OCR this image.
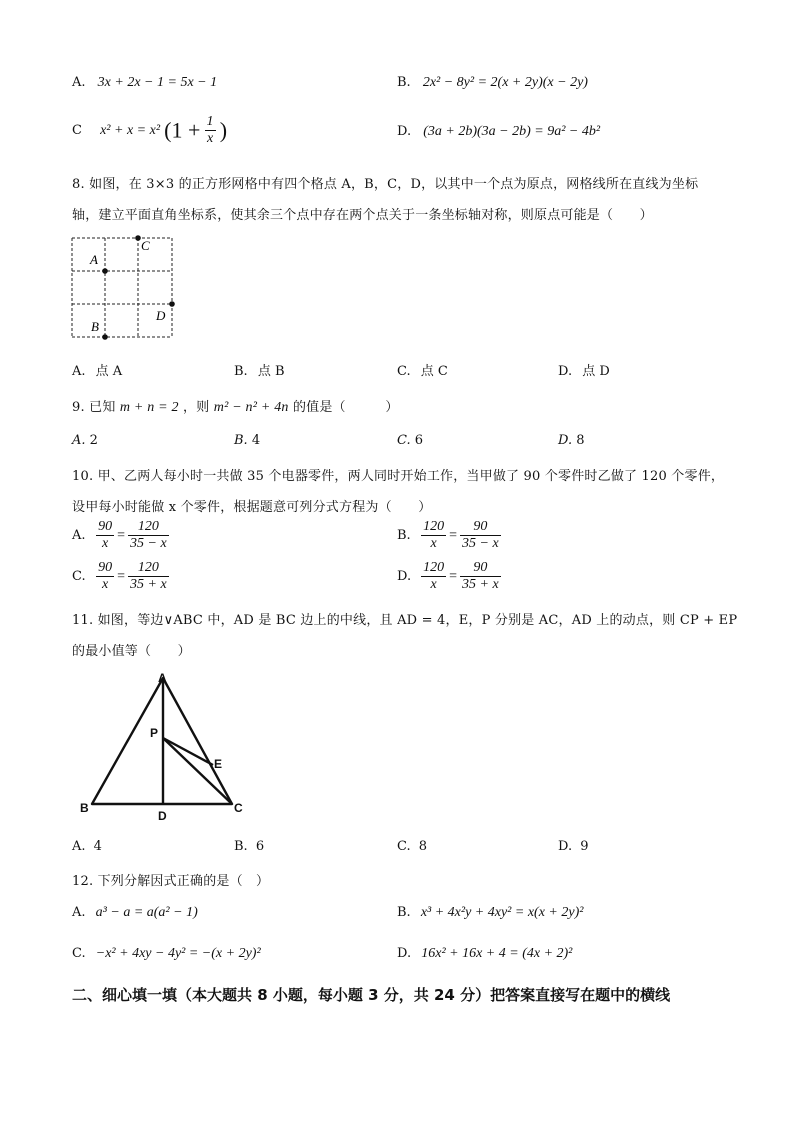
A. 3x + 2x − 1 = 5x − 1	B. 2x² − 8y² = 2(x + 2y)(x − 2y)
C x² + x = x² ($1 + \frac{1}{x}$ )	D. (3a + 2b)(3a − 2b) = 9a² − 4b²
8. 如图，在 3×3 的正方形网格中有四个格点 A，B，C，D，以其中一个点为原点，网格线所在直线为坐标
轴，建立平面直角坐标系，使其余三个点中存在两个点关于一条坐标轴对称，则原点可能是（　　）
A
B
C
D
A. 点 A	B. 点 B	C. 点 C	D. 点 D
9. 已知 m + n = 2 ，则 m² − n² + 4n 的值是（　　　）
A. 2	B. 4	C. 6	D. 8
10. 甲、乙两人每小时一共做 35 个电器零件，两人同时开始工作，当甲做了 90 个零件时乙做了 120 个零件，
设甲每小时能做 x 个零件，根据题意可列分式方程为（　　）
A. $\frac{90}{x} = \frac{120}{35 - x}$	B. $\frac{120}{x} = \frac{90}{35 - x}$
C. $\frac{90}{x} = \frac{120}{35 + x}$	D. $\frac{120}{x} = \frac{90}{35 + x}$
11. 如图，等边∨ABC 中，AD 是 BC 边上的中线，且 AD = 4，E，P 分别是 AC，AD 上的动点，则 CP + EP
的最小值等（　　）
A
B	C
D
P
E
A. 4	B. 6	C. 8	D. 9
12. 下列分解因式正确的是（　）
A. a³ − a = a(a² − 1)	B. x³ + 4x²y + 4xy² = x(x + 2y)²
C. −x² + 4xy − 4y² = −(x + 2y)²	D. 16x² + 16x + 4 = (4x + 2)²
二、细心填一填（本大题共 8 小题，每小题 3 分，共 24 分）把答案直接写在题中的横线
